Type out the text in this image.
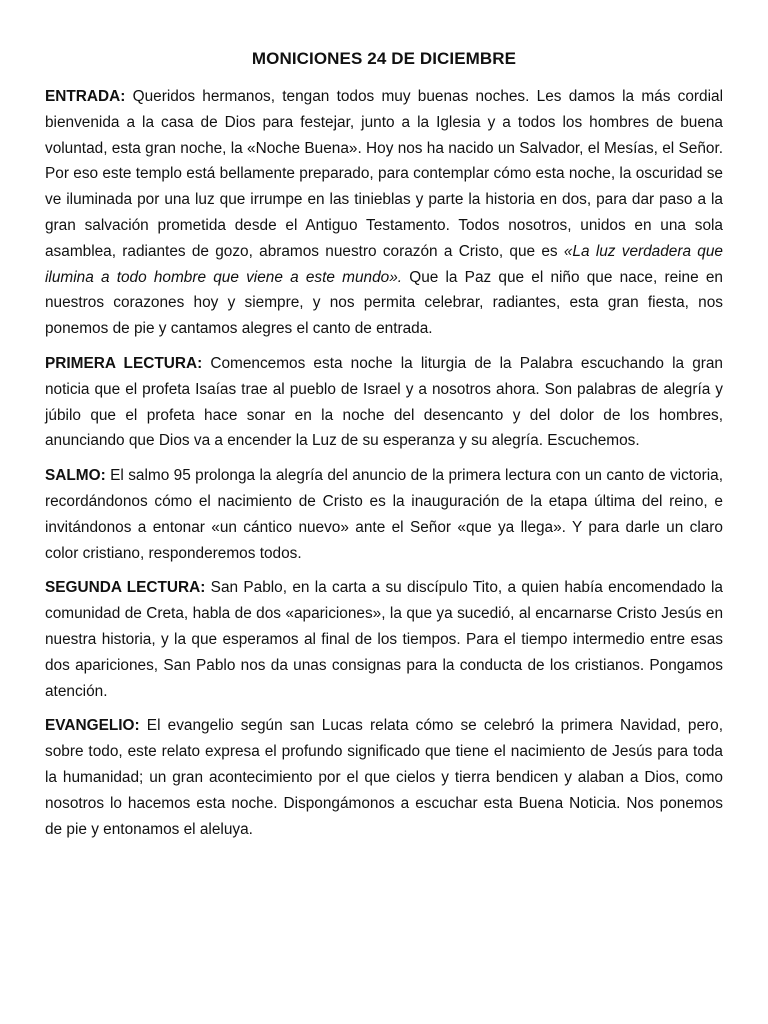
MONICIONES 24 DE DICIEMBRE

ENTRADA: Queridos hermanos, tengan todos muy buenas noches. Les damos la más cordial bienvenida a la casa de Dios para festejar, junto a la Iglesia y a todos los hombres de buena voluntad, esta gran noche, la «Noche Buena». Hoy nos ha nacido un Salvador, el Mesías, el Señor. Por eso este templo está bellamente preparado, para contemplar cómo esta noche, la oscuridad se ve iluminada por una luz que irrumpe en las tinieblas y parte la historia en dos, para dar paso a la gran salvación prometida desde el Antiguo Testamento. Todos nosotros, unidos en una sola asamblea, radiantes de gozo, abramos nuestro corazón a Cristo, que es «La luz verdadera que ilumina a todo hombre que viene a este mundo». Que la Paz que el niño que nace, reine en nuestros corazones hoy y siempre, y nos permita celebrar, radiantes, esta gran fiesta, nos ponemos de pie y cantamos alegres el canto de entrada.

PRIMERA LECTURA: Comencemos esta noche la liturgia de la Palabra escuchando la gran noticia que el profeta Isaías trae al pueblo de Israel y a nosotros ahora. Son palabras de alegría y júbilo que el profeta hace sonar en la noche del desencanto y del dolor de los hombres, anunciando que Dios va a encender la Luz de su esperanza y su alegría. Escuchemos.

SALMO: El salmo 95 prolonga la alegría del anuncio de la primera lectura con un canto de victoria, recordándonos cómo el nacimiento de Cristo es la inauguración de la etapa última del reino, e invitándonos a entonar «un cántico nuevo» ante el Señor «que ya llega». Y para darle un claro color cristiano, responderemos todos.

SEGUNDA LECTURA: San Pablo, en la carta a su discípulo Tito, a quien había encomendado la comunidad de Creta, habla de dos «apariciones», la que ya sucedió, al encarnarse Cristo Jesús en nuestra historia, y la que esperamos al final de los tiempos. Para el tiempo intermedio entre esas dos apariciones, San Pablo nos da unas consignas para la conducta de los cristianos. Pongamos atención.

EVANGELIO: El evangelio según san Lucas relata cómo se celebró la primera Navidad, pero, sobre todo, este relato expresa el profundo significado que tiene el nacimiento de Jesús para toda la humanidad; un gran acontecimiento por el que cielos y tierra bendicen y alaban a Dios, como nosotros lo hacemos esta noche. Dispongámonos a escuchar esta Buena Noticia. Nos ponemos de pie y entonamos el aleluya.
